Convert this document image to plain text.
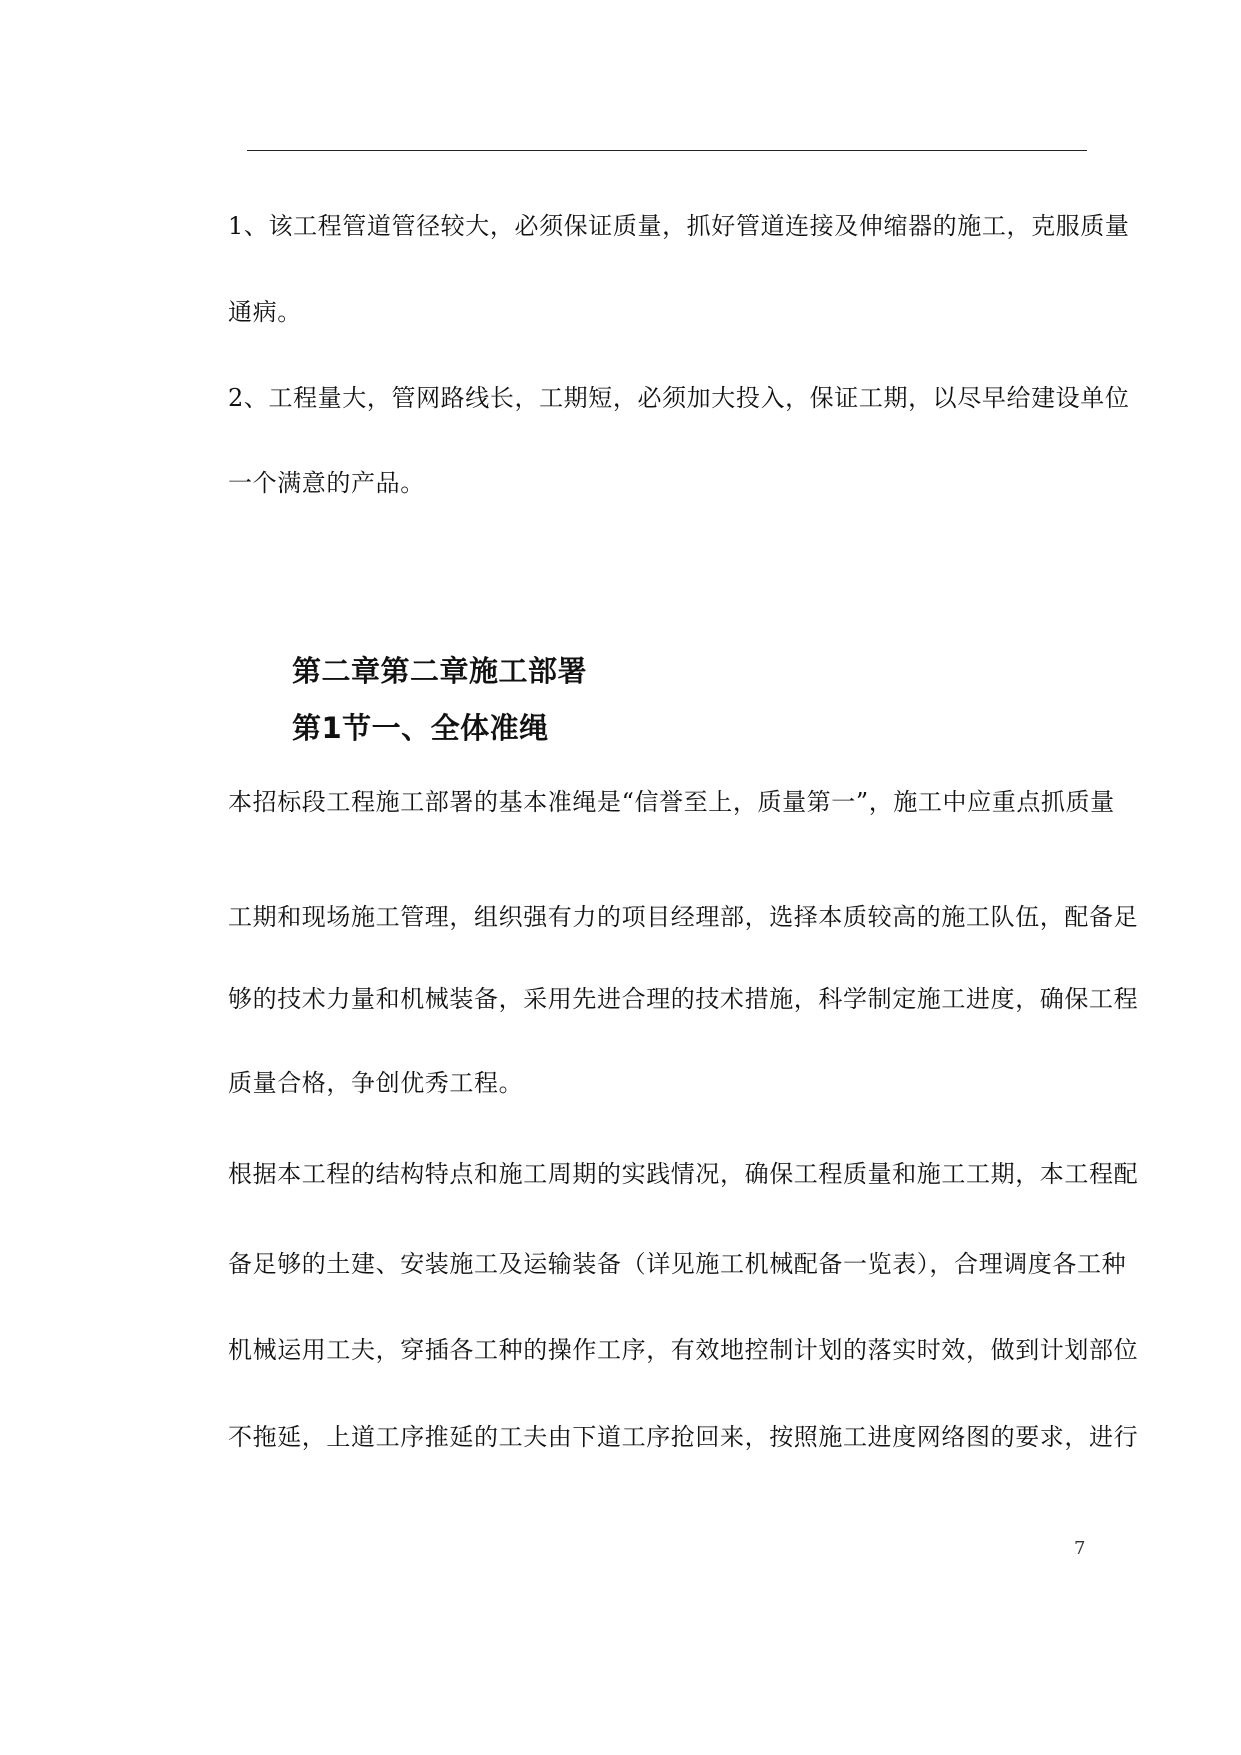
1、该工程管道管径较大，必须保证质量，抓好管道连接及伸缩器的施工，克服质量
通病。
2、工程量大，管网路线长，工期短，必须加大投入，保证工期，以尽早给建设单位
一个满意的产品。
第二章第二章施工部署
第1节一、全体准绳
本招标段工程施工部署的基本准绳是“信誉至上，质量第一”，施工中应重点抓质量
工期和现场施工管理，组织强有力的项目经理部，选择本质较高的施工队伍，配备足
够的技术力量和机械装备，采用先进合理的技术措施，科学制定施工进度，确保工程
质量合格，争创优秀工程。
根据本工程的结构特点和施工周期的实践情况，确保工程质量和施工工期，本工程配
备足够的土建、安装施工及运输装备（详见施工机械配备一览表），合理调度各工种
机械运用工夫，穿插各工种的操作工序，有效地控制计划的落实时效，做到计划部位
不拖延，上道工序推延的工夫由下道工序抢回来，按照施工进度网络图的要求，进行
7
